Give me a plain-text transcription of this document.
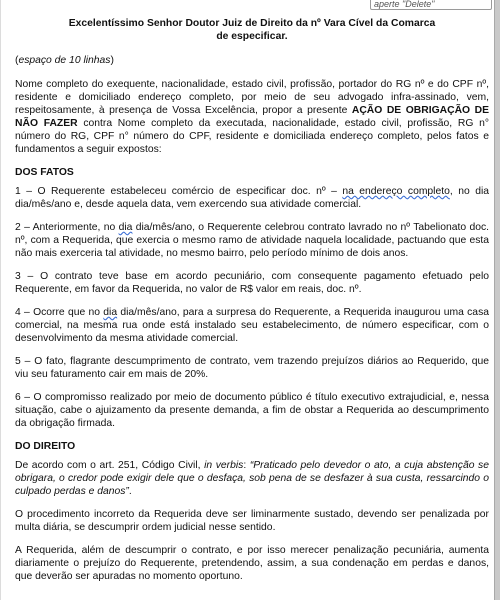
aperte "Delete"
Excelentíssimo Senhor Doutor Juiz de Direito da nº Vara Cível da Comarca
de especificar.
(espaço de 10 linhas)

Nome completo do exequente, nacionalidade, estado civil, profissão, portador do RG nº e do CPF nº, residente e domiciliado endereço completo, por meio de seu advogado infra-assinado, vem, respeitosamente, à presença de Vossa Excelência, propor a presente AÇÃO DE OBRIGAÇÃO DE NÃO FAZER contra Nome completo da executada, nacionalidade, estado civil, profissão, RG n° número do RG, CPF n° número do CPF, residente e domiciliada endereço completo, pelos fatos e fundamentos a seguir expostos:

DOS FATOS

1 – O Requerente estabeleceu comércio de especificar doc. nº – na endereço completo, no dia dia/mês/ano e, desde aquela data, vem exercendo sua atividade comercial.

2 – Anteriormente, no dia dia/mês/ano, o Requerente celebrou contrato lavrado no nº Tabelionato doc. nº, com a Requerida, que exercia o mesmo ramo de atividade naquela localidade, pactuando que esta não mais exerceria tal atividade, no mesmo bairro, pelo período mínimo de dois anos.

3 – O contrato teve base em acordo pecuniário, com consequente pagamento efetuado pelo Requerente, em favor da Requerida, no valor de R$ valor em reais, doc. nº.

4 – Ocorre que no dia dia/mês/ano, para a surpresa do Requerente, a Requerida inaugurou uma casa comercial, na mesma rua onde está instalado seu estabelecimento, de número especificar, com o desenvolvimento da mesma atividade comercial.

5 – O fato, flagrante descumprimento de contrato, vem trazendo prejuízos diários ao Requerido, que viu seu faturamento cair em mais de 20%.

6 – O compromisso realizado por meio de documento público é título executivo extrajudicial, e, nessa situação, cabe o ajuizamento da presente demanda, a fim de obstar a Requerida ao descumprimento da obrigação firmada.

DO DIREITO

De acordo com o art. 251, Código Civil, in verbis: “Praticado pelo devedor o ato, a cuja abstenção se obrigara, o credor pode exigir dele que o desfaça, sob pena de se desfazer à sua custa, ressarcindo o culpado perdas e danos”.

O procedimento incorreto da Requerida deve ser liminarmente sustado, devendo ser penalizada por multa diária, se descumprir ordem judicial nesse sentido.

A Requerida, além de descumprir o contrato, e por isso merecer penalização pecuniária, aumenta diariamente o prejuízo do Requerente, pretendendo, assim, a sua condenação em perdas e danos, que deverão ser apuradas no momento oportuno.
